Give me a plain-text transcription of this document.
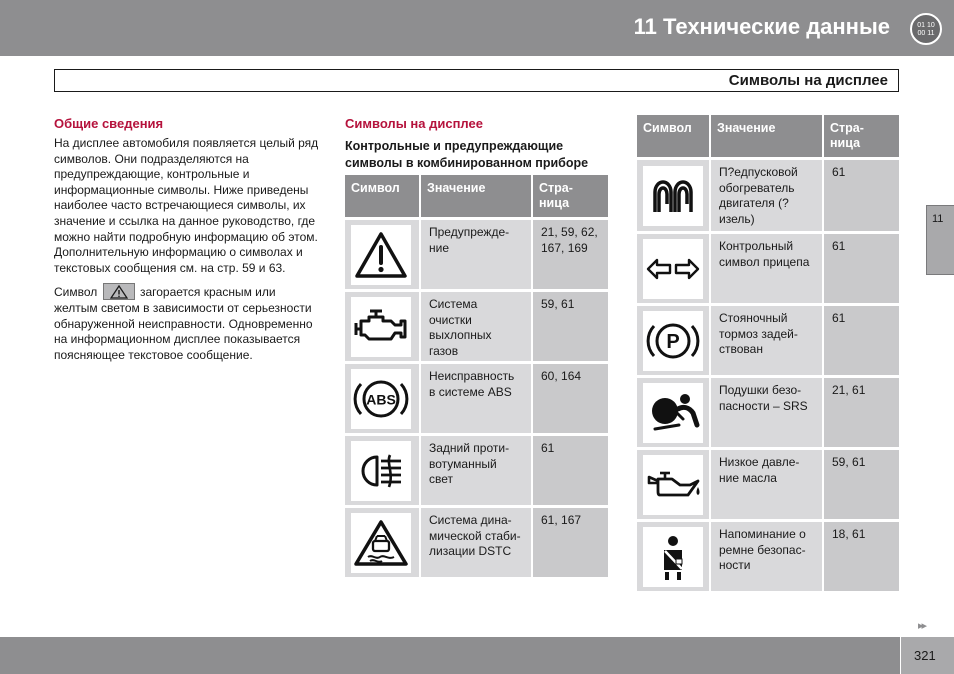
11 Технические данные	01 10
00 11
Символы на дисплее
11
Общие сведения

На дисплее автомобиля появляется целый ряд символов. Они подразделяются на предупреждающие, контрольные и информационные символы. Ниже приведены наиболее часто встречающиеся символы, их значение и ссылка на данное руководство, где можно найти подробную информацию об этом. Дополнительную информацию о символах и текстовых сообщения см. на стр. 59 и 63.

Символ	загорается красным или желтым светом в зависимости от серьезности обнаруженной неисправности. Одновременно на информационном дисплее показывается поясняющее текстовое сообщение.

Символы на дисплее
Контрольные и предупреждающие символы в комбинированном приборе
Символ	Значение	Стра-
ница

	Предупрежде-
ние	21, 59, 62,
167, 169

	Система
очистки
выхлопных
газов	59, 61

ABS	Неисправность
в системе ABS	60, 164

	Задний проти-
вотуманный
свет	61

	Система дина-
мической стаби-
лизации DSTC	61, 167
Символ	Значение	Стра-
ница

	П?едпусковой
обогреватель
двигателя (?
изель)	61

	Контрольный
символ прицепа	61

P	Стояночный
тормоз задей-
ствован	61

	Подушки безо-
пасности – SRS	21, 61

	Низкое давле-
ние масла	59, 61

	Напоминание о
ремне безопас-
ности	18, 61
▸▸
321
